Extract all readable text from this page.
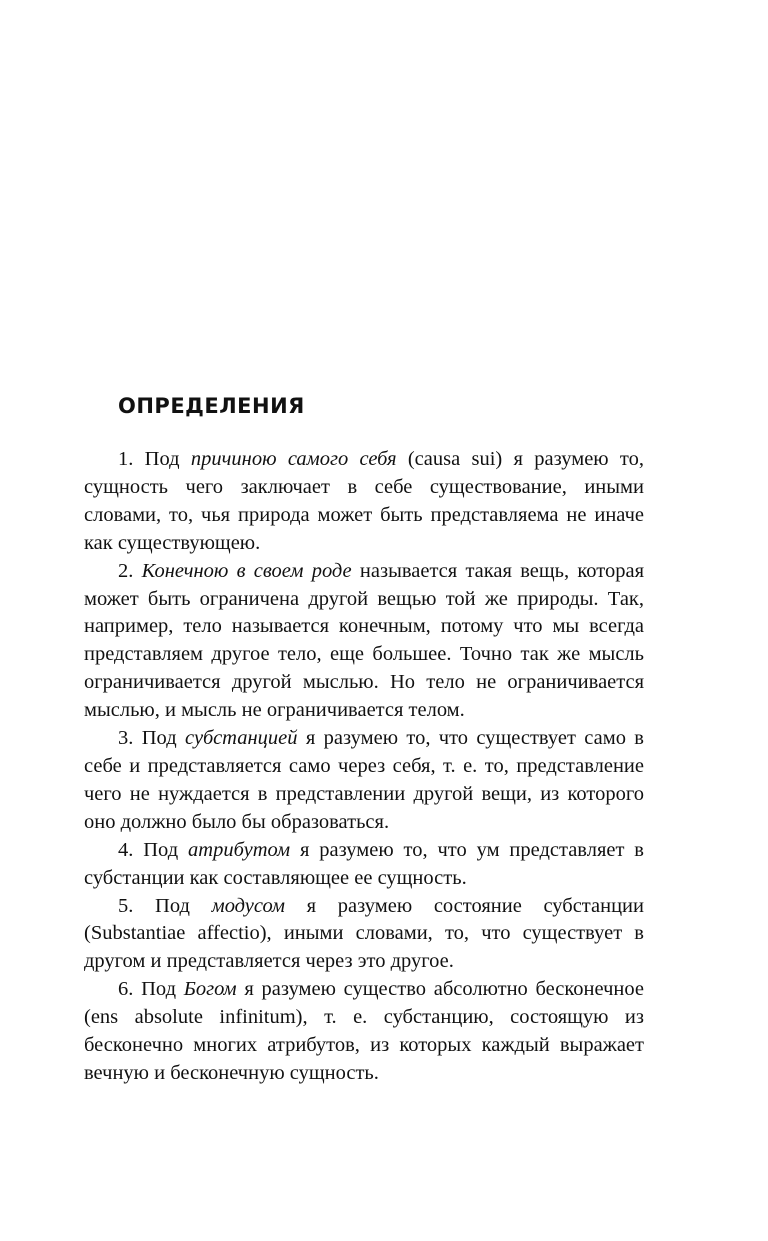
ОПРЕДЕЛЕНИЯ

1. Под причиною самого себя (causa sui) я разумею то, сущность чего заключает в себе существование, иными словами, то, чья природа может быть представляема не иначе как существующею.

2. Конечною в своем роде называется такая вещь, которая может быть ограничена другой вещью той же природы. Так, например, тело называется конечным, потому что мы всегда представляем другое тело, еще большее. Точно так же мысль ограничивается другой мыслью. Но тело не ограничивается мыслью, и мысль не ограничивается телом.

3. Под субстанцией я разумею то, что существует само в себе и представляется само через себя, т. е. то, представление чего не нуждается в представлении другой вещи, из которого оно должно было бы образоваться.

4. Под атрибутом я разумею то, что ум представляет в субстанции как составляющее ее сущность.

5. Под модусом я разумею состояние субстанции (Substantiae affectio), иными словами, то, что существует в другом и представляется через это другое.

6. Под Богом я разумею существо абсолютно бесконечное (ens absolute infinitum), т. е. субстанцию, состоящую из бесконечно многих атрибутов, из которых каждый выражает вечную и бесконечную сущность.
